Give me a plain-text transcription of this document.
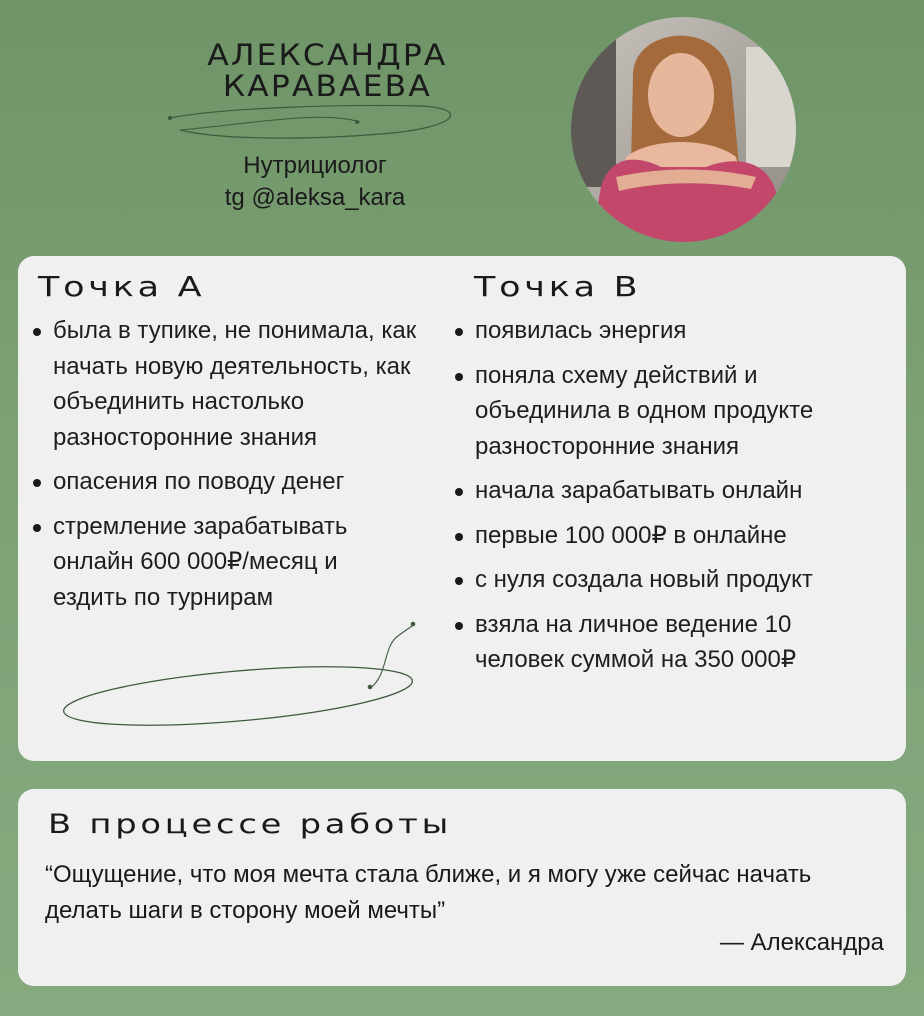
АЛЕКСАНДРА
КАРАВАЕВА
Нутрициолог
tg @aleksa_kara
Точка А	Точка В
была в тупике, не понимала, как начать новую деятельность, как объединить настолько разносторонние знания
опасения по поводу денег
стремление зарабатывать онлайн 600 000₽/месяц и ездить по турнирам
появилась энергия
поняла схему действий и объединила в одном продукте разносторонние знания
начала зарабатывать онлайн
первые 100 000₽ в онлайне
с нуля создала новый продукт
взяла на личное ведение 10 человек суммой на 350 000₽
В процессе работы
“Ощущение, что моя мечта стала ближе, и я могу уже сейчас начать делать шаги в сторону моей мечты”
— Александра
